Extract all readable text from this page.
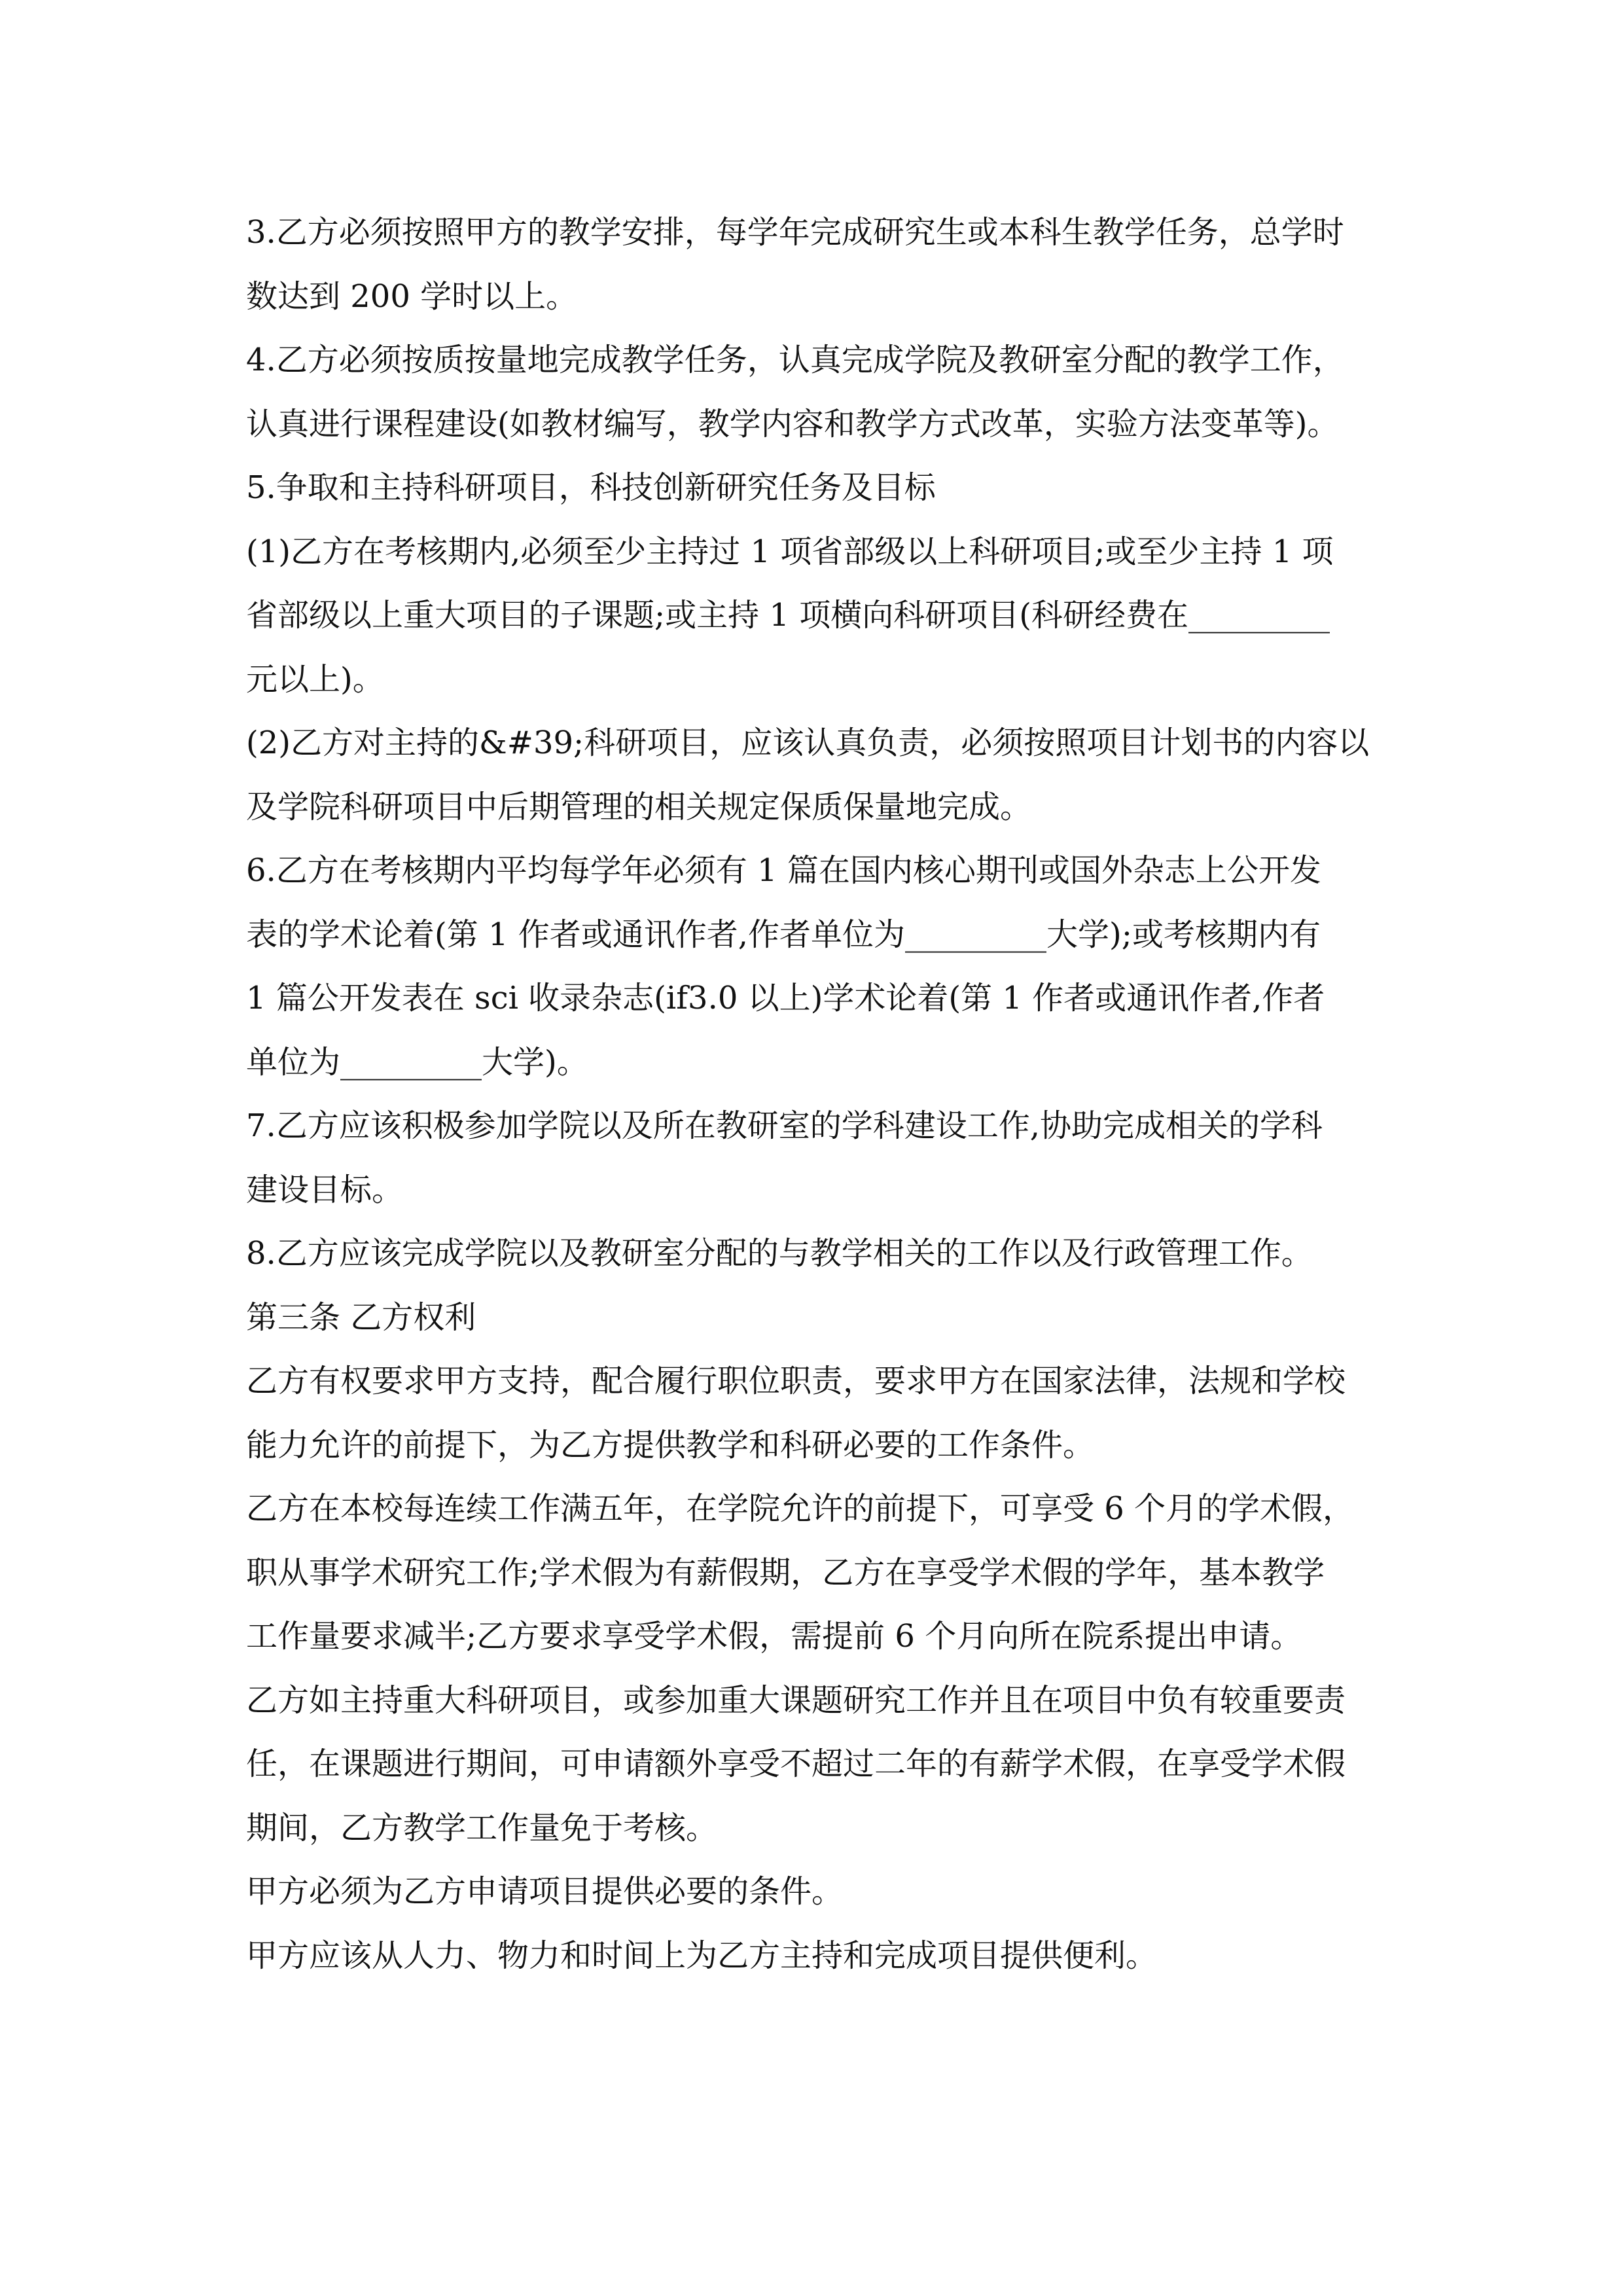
3.乙方必须按照甲方的教学安排，每学年完成研究生或本科生教学任务，总学时
数达到 200 学时以上。
4.乙方必须按质按量地完成教学任务，认真完成学院及教研室分配的教学工作，
认真进行课程建设(如教材编写，教学内容和教学方式改革，实验方法变革等)。
5.争取和主持科研项目，科技创新研究任务及目标
(1)乙方在考核期内,必须至少主持过 1 项省部级以上科研项目;或至少主持 1 项
省部级以上重大项目的子课题;或主持 1 项横向科研项目(科研经费在_________
元以上)。
(2)乙方对主持的&#39;科研项目，应该认真负责，必须按照项目计划书的内容以
及学院科研项目中后期管理的相关规定保质保量地完成。
6.乙方在考核期内平均每学年必须有 1 篇在国内核心期刊或国外杂志上公开发
表的学术论着(第 1 作者或通讯作者,作者单位为_________大学);或考核期内有
1 篇公开发表在 sci 收录杂志(if3.0 以上)学术论着(第 1 作者或通讯作者,作者
单位为_________大学)。
7.乙方应该积极参加学院以及所在教研室的学科建设工作,协助完成相关的学科
建设目标。
8.乙方应该完成学院以及教研室分配的与教学相关的工作以及行政管理工作。
第三条 乙方权利
乙方有权要求甲方支持，配合履行职位职责，要求甲方在国家法律，法规和学校
能力允许的前提下，为乙方提供教学和科研必要的工作条件。
乙方在本校每连续工作满五年，在学院允许的前提下，可享受 6 个月的学术假，
职从事学术研究工作;学术假为有薪假期，乙方在享受学术假的学年，基本教学
工作量要求减半;乙方要求享受学术假，需提前 6 个月向所在院系提出申请。
乙方如主持重大科研项目，或参加重大课题研究工作并且在项目中负有较重要责
任，在课题进行期间，可申请额外享受不超过二年的有薪学术假，在享受学术假
期间，乙方教学工作量免于考核。
甲方必须为乙方申请项目提供必要的条件。
甲方应该从人力、物力和时间上为乙方主持和完成项目提供便利。
